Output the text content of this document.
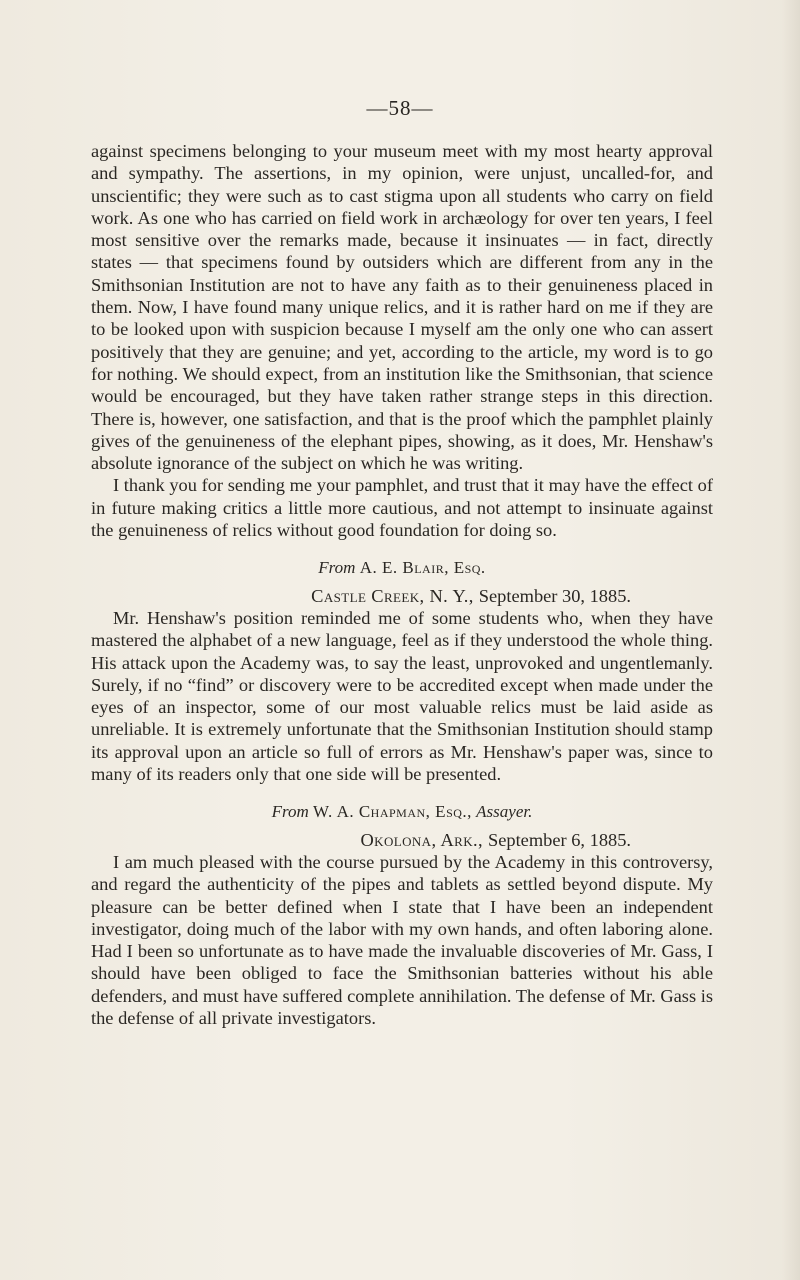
—58—

against specimens belonging to your museum meet with my most hearty approval and sympathy. The assertions, in my opinion, were unjust, uncalled-for, and unscientific; they were such as to cast stigma upon all students who carry on field work. As one who has carried on field work in archæology for over ten years, I feel most sensitive over the remarks made, because it insinuates — in fact, directly states — that specimens found by outsiders which are different from any in the Smithsonian Institution are not to have any faith as to their genuineness placed in them. Now, I have found many unique relics, and it is rather hard on me if they are to be looked upon with suspicion because I myself am the only one who can assert positively that they are genuine; and yet, according to the article, my word is to go for nothing. We should expect, from an institution like the Smithsonian, that science would be encouraged, but they have taken rather strange steps in this direction. There is, however, one satisfaction, and that is the proof which the pamphlet plainly gives of the genuineness of the elephant pipes, showing, as it does, Mr. Henshaw's absolute ignorance of the subject on which he was writing.

I thank you for sending me your pamphlet, and trust that it may have the effect of in future making critics a little more cautious, and not attempt to insinuate against the genuineness of relics without good foundation for doing so.

From A. E. Blair, Esq.
Castle Creek, N. Y., September 30, 1885.

Mr. Henshaw's position reminded me of some students who, when they have mastered the alphabet of a new language, feel as if they understood the whole thing. His attack upon the Academy was, to say the least, unprovoked and ungentlemanly. Surely, if no “find” or discovery were to be accredited except when made under the eyes of an inspector, some of our most valuable relics must be laid aside as unreliable. It is extremely unfortunate that the Smithsonian Institution should stamp its approval upon an article so full of errors as Mr. Henshaw's paper was, since to many of its readers only that one side will be presented.

From W. A. Chapman, Esq., Assayer.
Okolona, Ark., September 6, 1885.

I am much pleased with the course pursued by the Academy in this controversy, and regard the authenticity of the pipes and tablets as settled beyond dispute. My pleasure can be better defined when I state that I have been an independent investigator, doing much of the labor with my own hands, and often laboring alone. Had I been so unfortunate as to have made the invaluable discoveries of Mr. Gass, I should have been obliged to face the Smithsonian batteries without his able defenders, and must have suffered complete annihilation. The defense of Mr. Gass is the defense of all private investigators.
